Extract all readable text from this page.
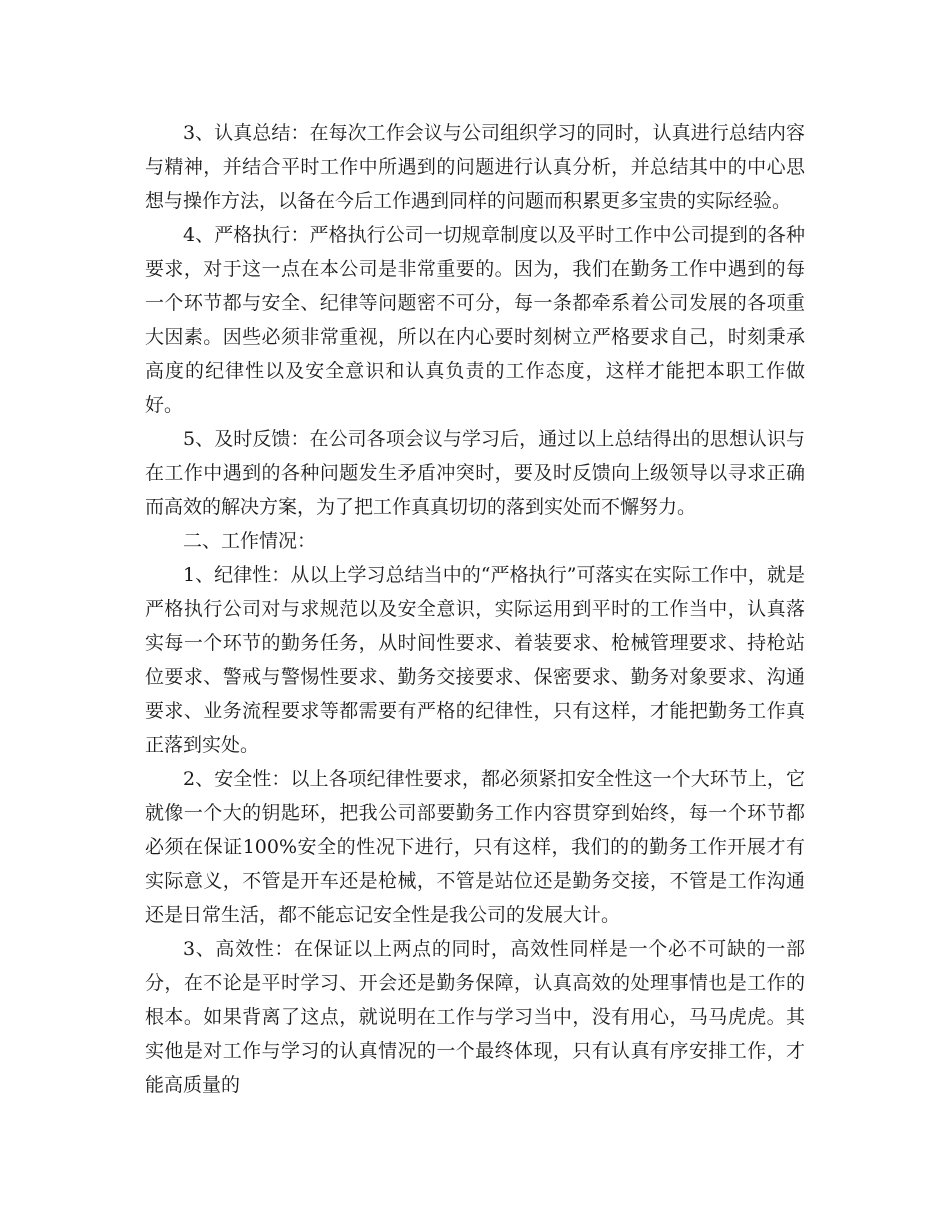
3、认真总结：在每次工作会议与公司组织学习的同时，认真进行总结内容与精神，并结合平时工作中所遇到的问题进行认真分析，并总结其中的中心思想与操作方法，以备在今后工作遇到同样的问题而积累更多宝贵的实际经验。

4、严格执行：严格执行公司一切规章制度以及平时工作中公司提到的各种要求，对于这一点在本公司是非常重要的。因为，我们在勤务工作中遇到的每一个环节都与安全、纪律等问题密不可分，每一条都牵系着公司发展的各项重大因素。因些必须非常重视，所以在内心要时刻树立严格要求自己，时刻秉承高度的纪律性以及安全意识和认真负责的工作态度，这样才能把本职工作做好。

5、及时反馈：在公司各项会议与学习后，通过以上总结得出的思想认识与在工作中遇到的各种问题发生矛盾冲突时，要及时反馈向上级领导以寻求正确而高效的解决方案，为了把工作真真切切的落到实处而不懈努力。

二、工作情况：

1、纪律性：从以上学习总结当中的“严格执行”可落实在实际工作中，就是严格执行公司对与求规范以及安全意识，实际运用到平时的工作当中，认真落实每一个环节的勤务任务，从时间性要求、着装要求、枪械管理要求、持枪站位要求、警戒与警惕性要求、勤务交接要求、保密要求、勤务对象要求、沟通要求、业务流程要求等都需要有严格的纪律性，只有这样，才能把勤务工作真正落到实处。

2、安全性：以上各项纪律性要求，都必须紧扣安全性这一个大环节上，它就像一个大的钥匙环，把我公司部要勤务工作内容贯穿到始终，每一个环节都必须在保证100%安全的性况下进行，只有这样，我们的的勤务工作开展才有实际意义，不管是开车还是枪械，不管是站位还是勤务交接，不管是工作沟通还是日常生活，都不能忘记安全性是我公司的发展大计。

3、高效性：在保证以上两点的同时，高效性同样是一个必不可缺的一部分，在不论是平时学习、开会还是勤务保障，认真高效的处理事情也是工作的根本。如果背离了这点，就说明在工作与学习当中，没有用心，马马虎虎。其实他是对工作与学习的认真情况的一个最终体现，只有认真有序安排工作，才能高质量的
